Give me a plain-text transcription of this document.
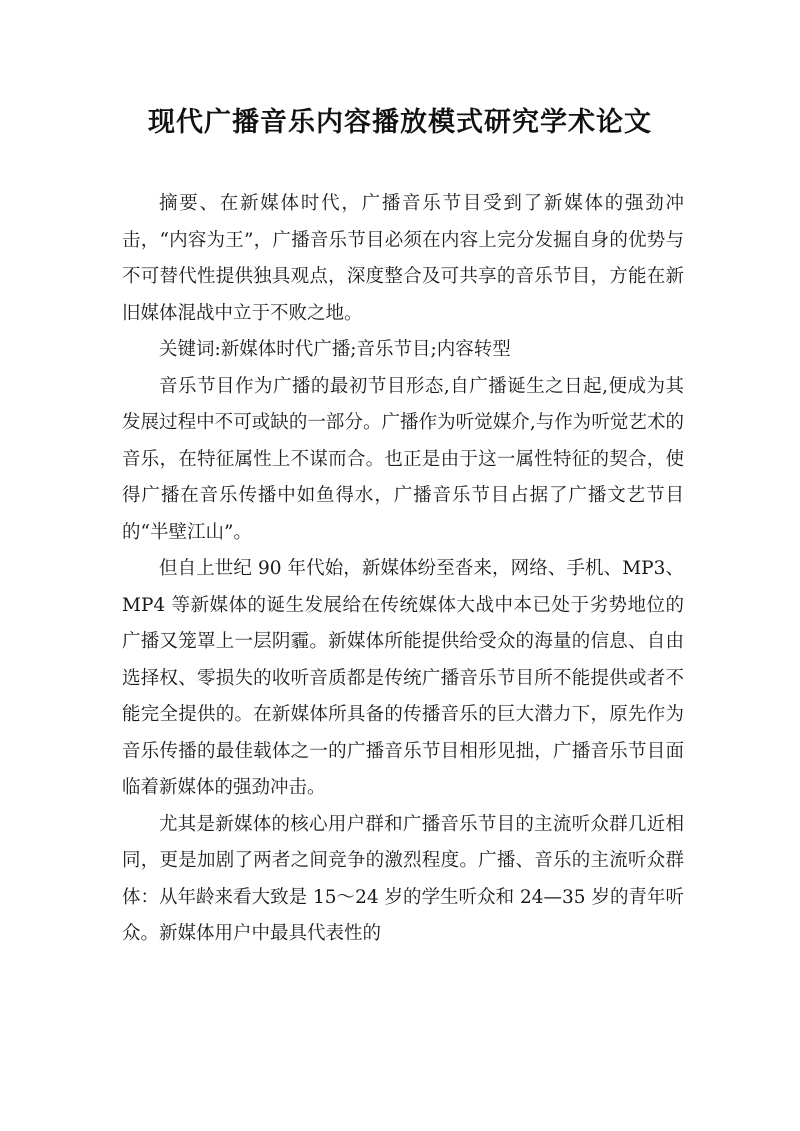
现代广播音乐内容播放模式研究学术论文

摘要、在新媒体时代，广播音乐节目受到了新媒体的强劲冲击，“内容为王”，广播音乐节目必须在内容上完分发掘自身的优势与不可替代性提供独具观点，深度整合及可共享的音乐节目，方能在新旧媒体混战中立于不败之地。

关键词:新媒体时代广播;音乐节目;内容转型

音乐节目作为广播的最初节目形态,自广播诞生之日起,便成为其发展过程中不可或缺的一部分。广播作为听觉媒介,与作为听觉艺术的音乐，在特征属性上不谋而合。也正是由于这一属性特征的契合，使得广播在音乐传播中如鱼得水，广播音乐节目占据了广播文艺节目的“半壁江山”。

但自上世纪 90 年代始，新媒体纷至沓来，网络、手机、MP3、MP4 等新媒体的诞生发展给在传统媒体大战中本已处于劣势地位的广播又笼罩上一层阴霾。新媒体所能提供给受众的海量的信息、自由选择权、零损失的收听音质都是传统广播音乐节目所不能提供或者不能完全提供的。在新媒体所具备的传播音乐的巨大潜力下，原先作为音乐传播的最佳载体之一的广播音乐节目相形见拙，广播音乐节目面临着新媒体的强劲冲击。

尤其是新媒体的核心用户群和广播音乐节目的主流听众群几近相同，更是加剧了两者之间竞争的激烈程度。广播、音乐的主流听众群体：从年龄来看大致是 15～24 岁的学生听众和 24—35 岁的青年听众。新媒体用户中最具代表性的
